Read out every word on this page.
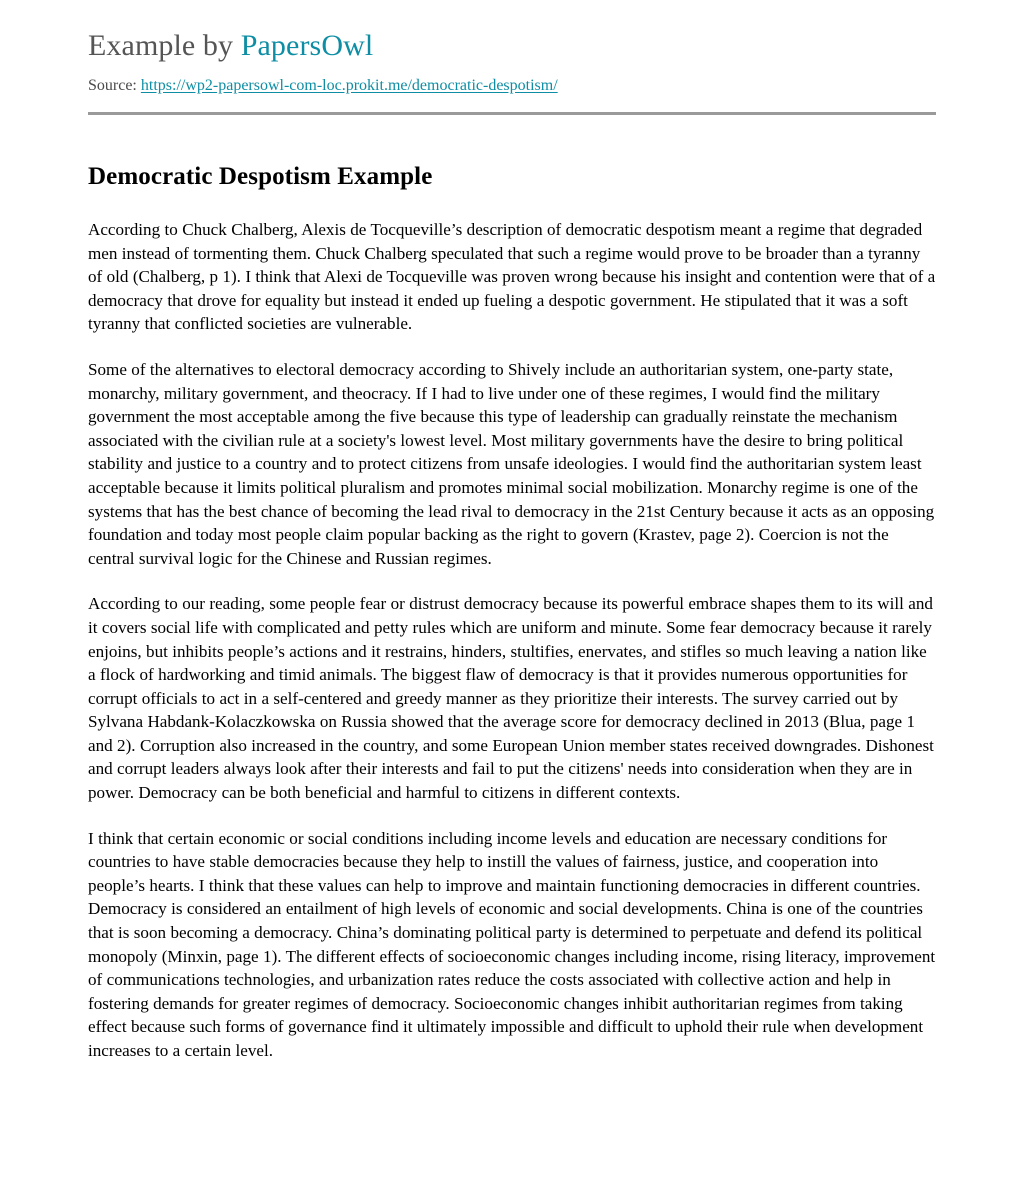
Example by PapersOwl
Source: https://wp2-papersowl-com-loc.prokit.me/democratic-despotism/
Democratic Despotism Example

According to Chuck Chalberg, Alexis de Tocqueville’s description of democratic despotism meant a regime that degraded men instead of tormenting them. Chuck Chalberg speculated that such a regime would prove to be broader than a tyranny of old (Chalberg, p 1). I think that Alexi de Tocqueville was proven wrong because his insight and contention were that of a democracy that drove for equality but instead it ended up fueling a despotic government. He stipulated that it was a soft tyranny that conflicted societies are vulnerable.

Some of the alternatives to electoral democracy according to Shively include an authoritarian system, one-party state, monarchy, military government, and theocracy. If I had to live under one of these regimes, I would find the military government the most acceptable among the five because this type of leadership can gradually reinstate the mechanism associated with the civilian rule at a society's lowest level. Most military governments have the desire to bring political stability and justice to a country and to protect citizens from unsafe ideologies. I would find the authoritarian system least acceptable because it limits political pluralism and promotes minimal social mobilization. Monarchy regime is one of the systems that has the best chance of becoming the lead rival to democracy in the 21st Century because it acts as an opposing foundation and today most people claim popular backing as the right to govern (Krastev, page 2). Coercion is not the central survival logic for the Chinese and Russian regimes.

According to our reading, some people fear or distrust democracy because its powerful embrace shapes them to its will and it covers social life with complicated and petty rules which are uniform and minute. Some fear democracy because it rarely enjoins, but inhibits people’s actions and it restrains, hinders, stultifies, enervates, and stifles so much leaving a nation like a flock of hardworking and timid animals. The biggest flaw of democracy is that it provides numerous opportunities for corrupt officials to act in a self-centered and greedy manner as they prioritize their interests. The survey carried out by Sylvana Habdank-Kolaczkowska on Russia showed that the average score for democracy declined in 2013 (Blua, page 1 and 2). Corruption also increased in the country, and some European Union member states received downgrades. Dishonest and corrupt leaders always look after their interests and fail to put the citizens' needs into consideration when they are in power. Democracy can be both beneficial and harmful to citizens in different contexts.

I think that certain economic or social conditions including income levels and education are necessary conditions for countries to have stable democracies because they help to instill the values of fairness, justice, and cooperation into people’s hearts. I think that these values can help to improve and maintain functioning democracies in different countries. Democracy is considered an entailment of high levels of economic and social developments. China is one of the countries that is soon becoming a democracy. China’s dominating political party is determined to perpetuate and defend its political monopoly (Minxin, page 1). The different effects of socioeconomic changes including income, rising literacy, improvement of communications technologies, and urbanization rates reduce the costs associated with collective action and help in fostering demands for greater regimes of democracy. Socioeconomic changes inhibit authoritarian regimes from taking effect because such forms of governance find it ultimately impossible and difficult to uphold their rule when development increases to a certain level.
